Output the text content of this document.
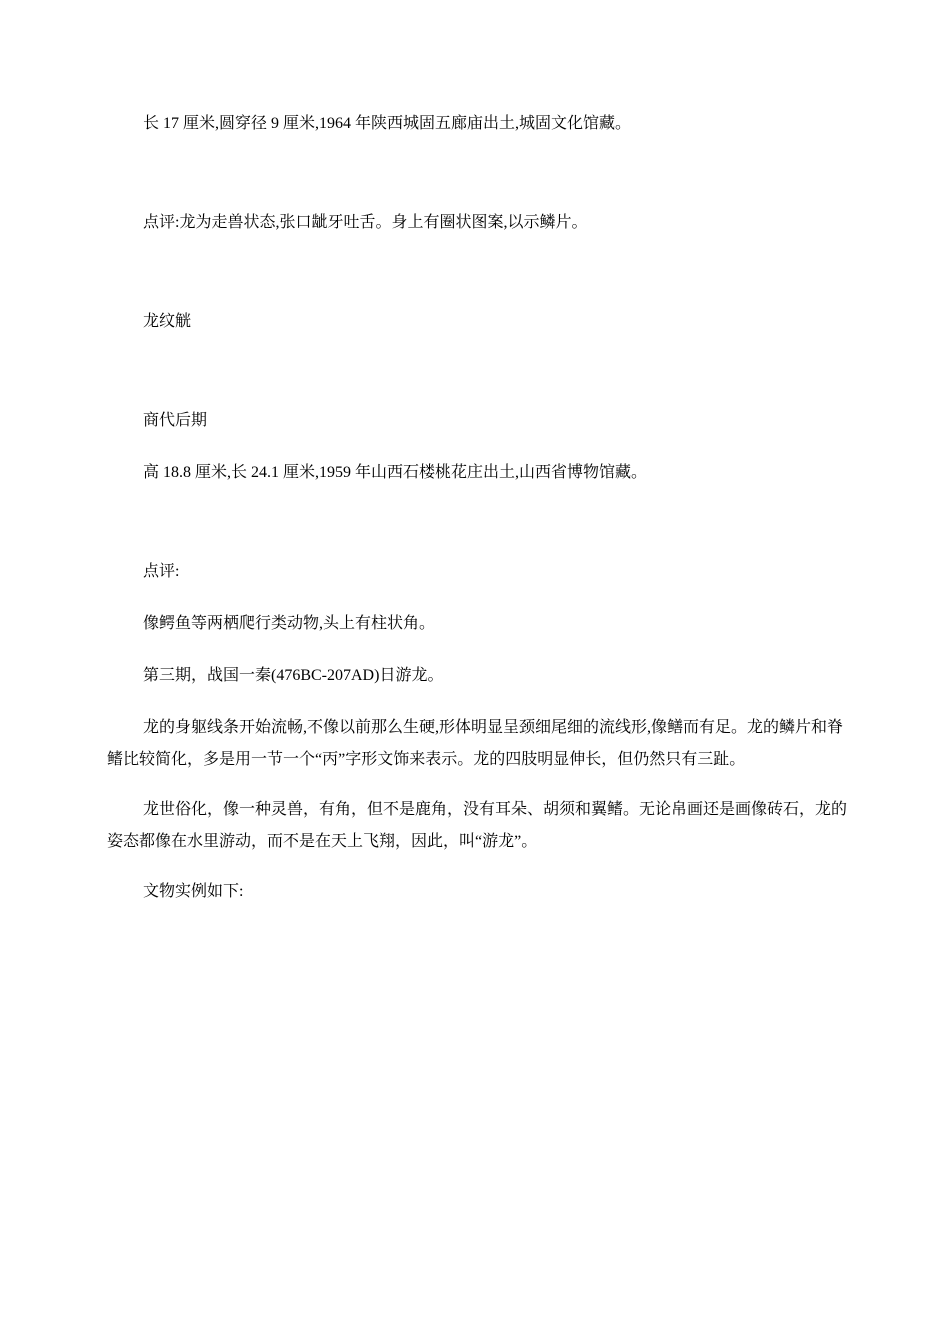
长 17 厘米,圆穿径 9 厘米,1964 年陕西城固五廊庙出土,城固文化馆藏。

点评:龙为走兽状态,张口龇牙吐舌。身上有圈状图案,以示鳞片。

龙纹觥

商代后期

高 18.8 厘米,长 24.1 厘米,1959 年山西石楼桃花庄出土,山西省博物馆藏。

点评:

像鳄鱼等两栖爬行类动物,头上有柱状角。

第三期，战国一秦(476BC-207AD)日游龙。

龙的身躯线条开始流畅,不像以前那么生硬,形体明显呈颈细尾细的流线形,像鳝而有足。龙的鳞片和脊鳍比较简化，多是用一节一个“丙”字形文饰来表示。龙的四肢明显伸长，但仍然只有三趾。

龙世俗化，像一种灵兽，有角，但不是鹿角，没有耳朵、胡须和翼鳍。无论帛画还是画像砖石，龙的姿态都像在水里游动，而不是在天上飞翔，因此，叫“游龙”。

文物实例如下:
